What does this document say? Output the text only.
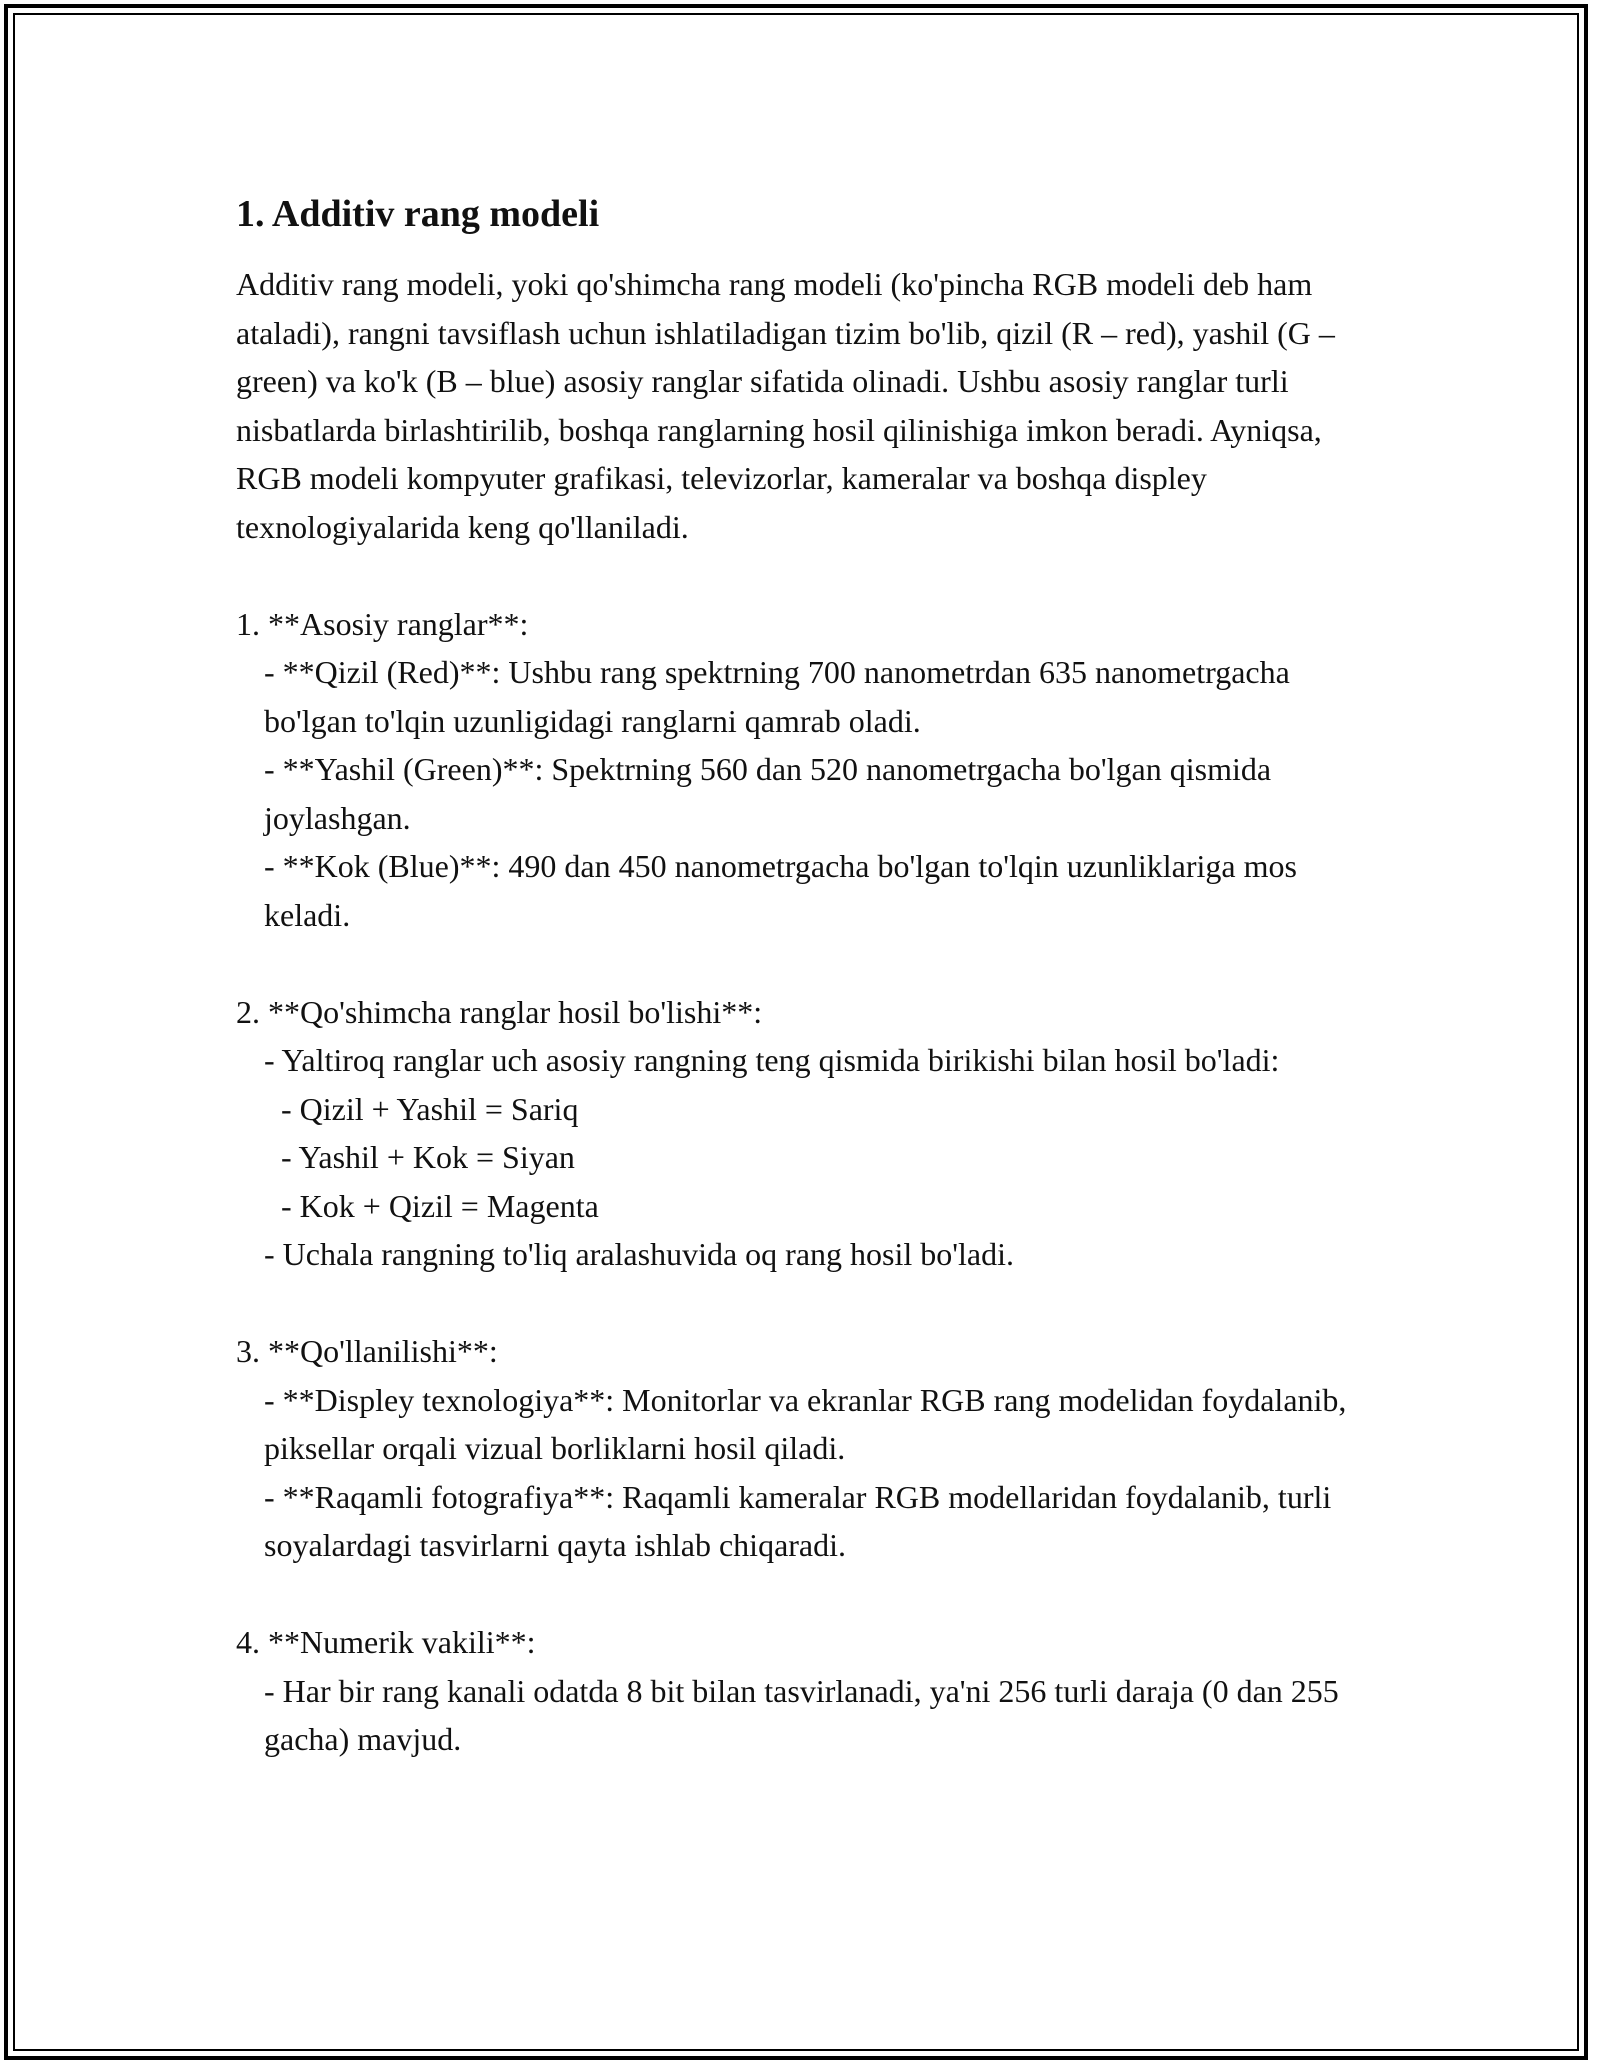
1. Additiv rang modeli

Additiv rang modeli, yoki qo'shimcha rang modeli (ko'pincha RGB modeli deb ham ataladi), rangni tavsiflash uchun ishlatiladigan tizim bo'lib, qizil (R – red), yashil (G – green) va ko'k (B – blue) asosiy ranglar sifatida olinadi. Ushbu asosiy ranglar turli nisbatlarda birlashtirilib, boshqa ranglarning hosil qilinishiga imkon beradi. Ayniqsa, RGB modeli kompyuter grafikasi, televizorlar, kameralar va boshqa displey texnologiyalarida keng qo'llaniladi.

1. **Asosiy ranglar**:

- **Qizil (Red)**: Ushbu rang spektrning 700 nanometrdan 635 nanometrgacha bo'lgan to'lqin uzunligidagi ranglarni qamrab oladi.

- **Yashil (Green)**: Spektrning 560 dan 520 nanometrgacha bo'lgan qismida joylashgan.

- **Kok (Blue)**: 490 dan 450 nanometrgacha bo'lgan to'lqin uzunliklariga mos keladi.

2. **Qo'shimcha ranglar hosil bo'lishi**:

- Yaltiroq ranglar uch asosiy rangning teng qismida birikishi bilan hosil bo'ladi:

- Qizil + Yashil = Sariq

- Yashil + Kok = Siyan

- Kok + Qizil = Magenta

- Uchala rangning to'liq aralashuvida oq rang hosil bo'ladi.

3. **Qo'llanilishi**:

- **Displey texnologiya**: Monitorlar va ekranlar RGB rang modelidan foydalanib, piksellar orqali vizual borliklarni hosil qiladi.

- **Raqamli fotografiya**: Raqamli kameralar RGB modellaridan foydalanib, turli soyalardagi tasvirlarni qayta ishlab chiqaradi.

4. **Numerik vakili**:

- Har bir rang kanali odatda 8 bit bilan tasvirlanadi, ya'ni 256 turli daraja (0 dan 255 gacha) mavjud.
